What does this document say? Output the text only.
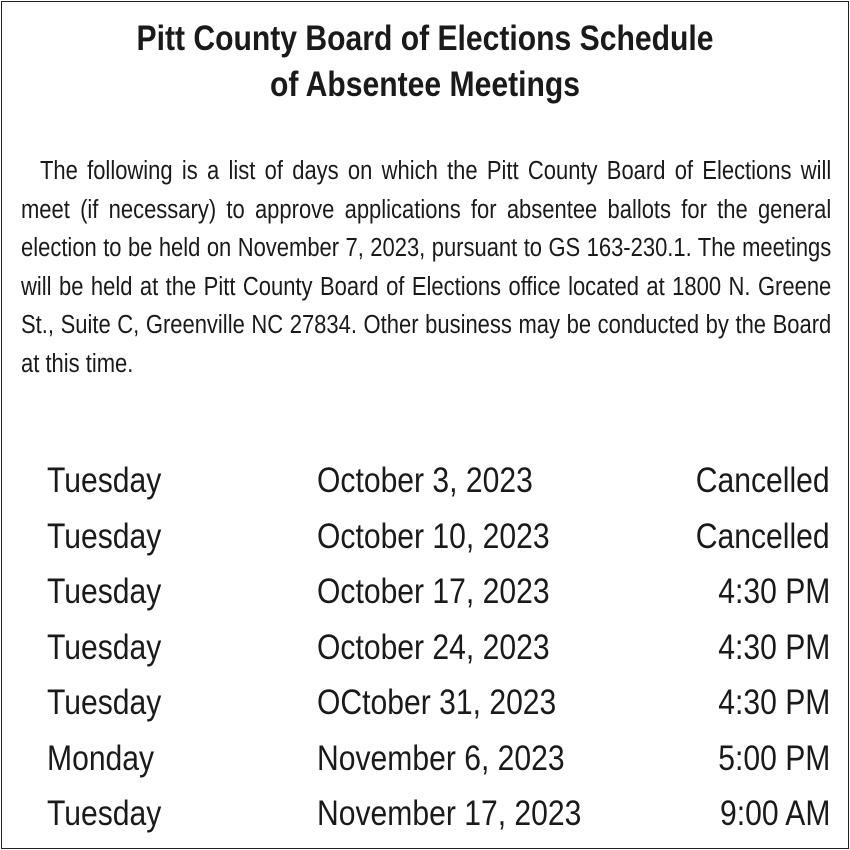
Pitt County Board of Elections Schedule
of Absentee Meetings

The following is a list of days on which the Pitt County Board of Elections will meet (if necessary) to approve applications for absentee ballots for the general election to be held on November 7, 2023, pursuant to GS 163-230.1. The meetings will be held at the Pitt County Board of Elections office located at 1800 N. Greene St., Suite C, Greenville NC 27834. Other business may be conducted by the Board at this time.

Tuesday	October 3, 2023	Cancelled
Tuesday	October 10, 2023	Cancelled
Tuesday	October 17, 2023	4:30 PM
Tuesday	October 24, 2023	4:30 PM
Tuesday	OCtober 31, 2023	4:30 PM
Monday	November 6, 2023	5:00 PM
Tuesday	November 17, 2023	9:00 AM
